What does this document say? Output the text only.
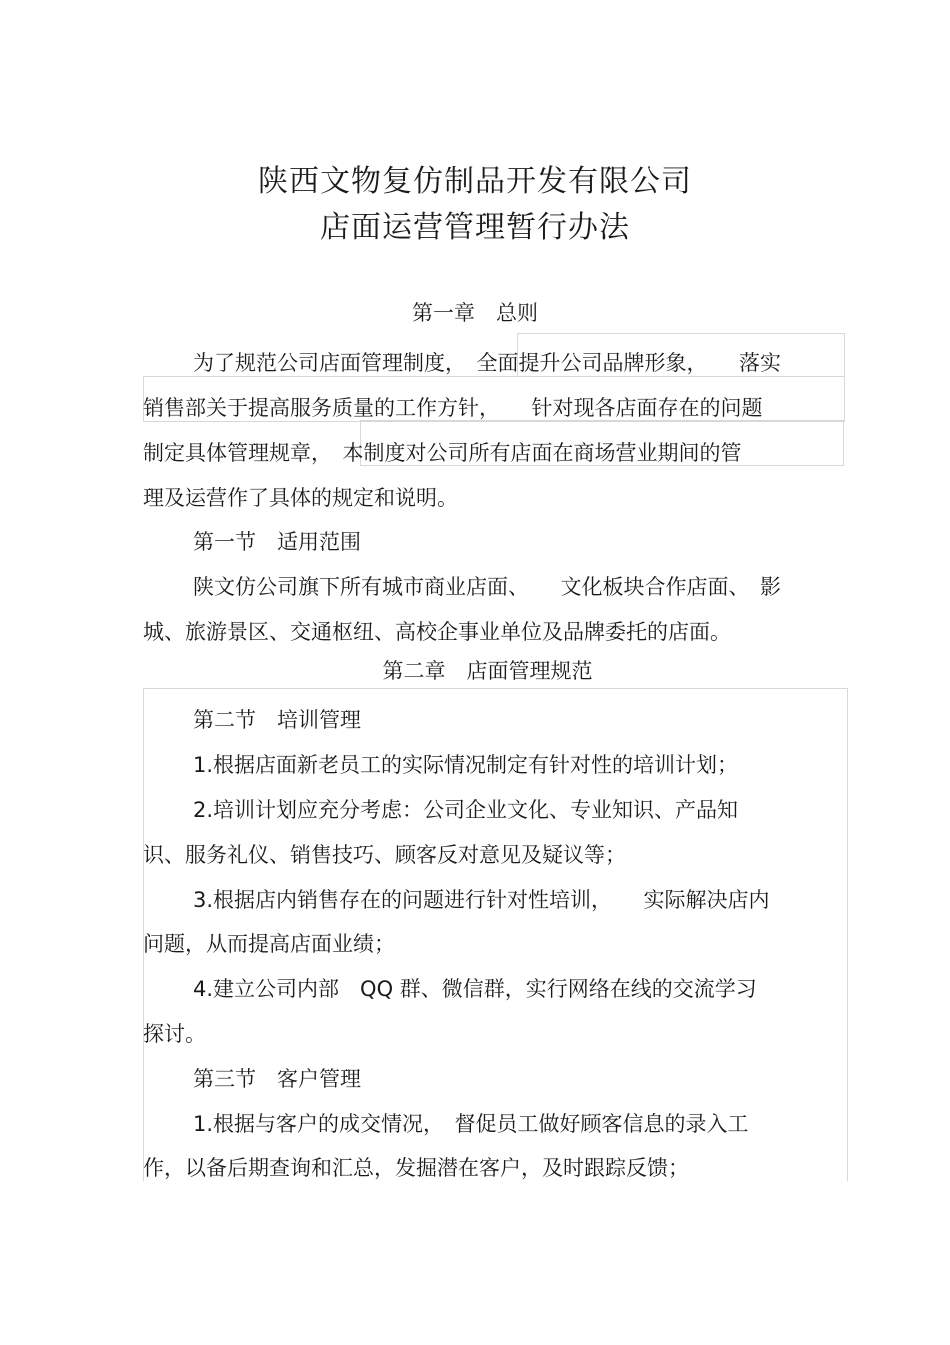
陕西文物复仿制品开发有限公司
店面运营管理暂行办法
第一章　总则
为了规范公司店面管理制度，　全面提升公司品牌形象，　　落实
销售部关于提高服务质量的工作方针，　　针对现各店面存在的问题
制定具体管理规章，　本制度对公司所有店面在商场营业期间的管
理及运营作了具体的规定和说明。
第一节　适用范围
陕文仿公司旗下所有城市商业店面、　　文化板块合作店面、　影
城、旅游景区、交通枢纽、高校企事业单位及品牌委托的店面。
第二章　店面管理规范
第二节　培训管理
1.根据店面新老员工的实际情况制定有针对性的培训计划；
2.培训计划应充分考虑：公司企业文化、专业知识、产品知
识、服务礼仪、销售技巧、顾客反对意见及疑议等；
3.根据店内销售存在的问题进行针对性培训，　　实际解决店内
问题，从而提高店面业绩；
4.建立公司内部　QQ 群、微信群，实行网络在线的交流学习
探讨。
第三节　客户管理
1.根据与客户的成交情况，　督促员工做好顾客信息的录入工
作，以备后期查询和汇总，发掘潜在客户，及时跟踪反馈；
